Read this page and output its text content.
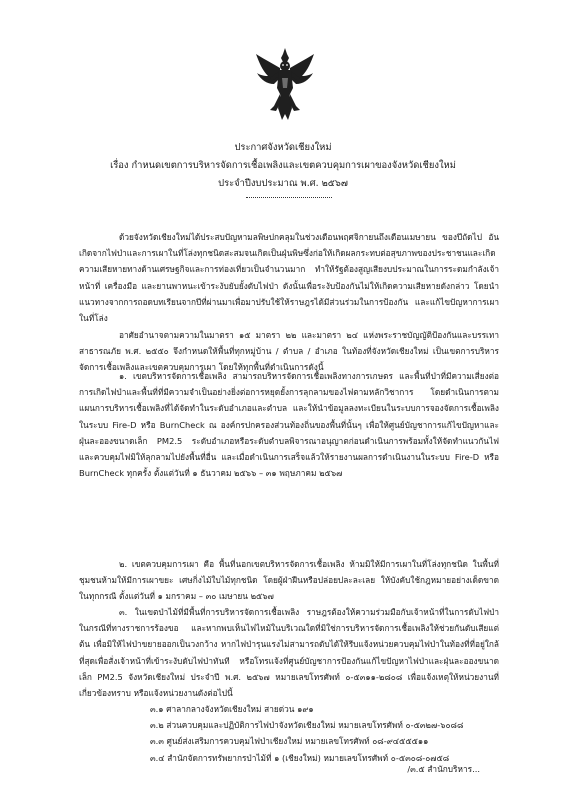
ประกาศจังหวัดเชียงใหม่
เรื่อง กำหนดเขตการบริหารจัดการเชื้อเพลิงและเขตควบคุมการเผาของจังหวัดเชียงใหม่
ประจำปีงบประมาณ พ.ศ. ๒๕๖๗

ด้วยจังหวัดเชียงใหม่ได้ประสบปัญหามลพิษปกคลุมในช่วงเดือนพฤศจิกายนถึงเดือนเมษายน ของปีถัดไป อันเกิดจากไฟป่าและการเผาในที่โล่งทุกชนิดสะสมจนเกิดเป็นฝุ่นพิษซึ่งก่อให้เกิดผลกระทบต่อสุขภาพของประชาชนและเกิดความเสียหายทางด้านเศรษฐกิจและการท่องเที่ยวเป็นจำนวนมาก ทำให้รัฐต้องสูญเสียงบประมาณในการระดมกำลังเจ้าหน้าที่ เครื่องมือ และยานพาหนะเข้าระงับยับยั้งดับไฟป่า ดังนั้นเพื่อระงับป้องกันไม่ให้เกิดความเสียหายดังกล่าว โดยนำแนวทางจากการถอดบทเรียนจากปีที่ผ่านมาเพื่อมาปรับใช้ให้ราษฎรได้มีส่วนร่วมในการป้องกัน และแก้ไขปัญหาการเผาในที่โล่ง

อาศัยอำนาจตามความในมาตรา ๑๕ มาตรา ๒๒ และมาตรา ๒๔ แห่งพระราชบัญญัติป้องกันและบรรเทาสาธารณภัย พ.ศ. ๒๕๕๐ จึงกำหนดให้พื้นที่ทุกหมู่บ้าน / ตำบล / อำเภอ ในท้องที่จังหวัดเชียงใหม่ เป็นเขตการบริหารจัดการเชื้อเพลิงและเขตควบคุมการเผา โดยให้ทุกพื้นที่ดำเนินการดังนี้

๑. เขตบริหารจัดการเชื้อเพลิง สามารถบริหารจัดการเชื้อเพลิงทางการเกษตร และพื้นที่ป่าที่มีความเสี่ยงต่อการเกิดไฟป่าและพื้นที่ที่มีความจำเป็นอย่างยิ่งต่อการหยุดยั้งการลุกลามของไฟตามหลักวิชาการ โดยดำเนินการตามแผนการบริหารเชื้อเพลิงที่ได้จัดทำในระดับอำเภอและตำบล และให้นำข้อมูลลงทะเบียนในระบบการจองจัดการเชื้อเพลิงในระบบ Fire-D หรือ BurnCheck ณ องค์กรปกครองส่วนท้องถิ่นของพื้นที่นั้นๆ เพื่อให้ศูนย์บัญชาการแก้ไขปัญหาและฝุ่นละอองขนาดเล็ก PM2.5 ระดับอำเภอหรือระดับตำบลพิจารณาอนุญาตก่อนดำเนินการพร้อมทั้งให้จัดทำแนวกันไฟและควบคุมไฟมิให้ลุกลามไปยังพื้นที่อื่น และเมื่อดำเนินการเสร็จแล้วให้รายงานผลการดำเนินงานในระบบ Fire-D หรือ BurnCheck ทุกครั้ง ตั้งแต่วันที่ ๑ ธันวาคม ๒๕๖๖ – ๓๑ พฤษภาคม ๒๕๖๗

๒. เขตควบคุมการเผา คือ พื้นที่นอกเขตบริหารจัดการเชื้อเพลิง ห้ามมิให้มีการเผาในที่โล่งทุกชนิด ในพื้นที่ชุมชนห้ามให้มีการเผาขยะ เศษกิ่งไม้ใบไม้ทุกชนิด โดยผู้ฝ่าฝืนหรือปล่อยปละละเลย ให้บังคับใช้กฎหมายอย่างเด็ดขาดในทุกกรณี ตั้งแต่วันที่ ๑ มกราคม – ๓๐ เมษายน ๒๕๖๗

๓. ในเขตป่าไม้ที่มีพื้นที่การบริหารจัดการเชื้อเพลิง ราษฎรต้องให้ความร่วมมือกับเจ้าหน้าที่ในการดับไฟป่า ในกรณีที่ทางราชการร้องขอ และหากพบเห็นไฟไหม้ในบริเวณใดที่มิใช่การบริหารจัดการเชื้อเพลิงให้ช่วยกันดับเสียแต่ต้น เพื่อมิให้ไฟป่าขยายออกเป็นวงกว้าง หากไฟป่ารุนแรงไม่สามารถดับได้ให้รีบแจ้งหน่วยควบคุมไฟป่าในท้องที่ที่อยู่ใกล้ที่สุดเพื่อสั่งเจ้าหน้าที่เข้าระงับดับไฟป่าทันที หรือโทรแจ้งที่ศูนย์บัญชาการป้องกันแก้ไขปัญหาไฟป่าและฝุ่นละอองขนาดเล็ก PM2.5 จังหวัดเชียงใหม่ ประจำปี พ.ศ. ๒๕๖๗ หมายเลขโทรศัพท์ ๐-๕๓๑๑-๒๘๐๘ เพื่อแจ้งเหตุให้หน่วยงานที่เกี่ยวข้องทราบ หรือแจ้งหน่วยงานดังต่อไปนี้

๓.๑ ศาลากลางจังหวัดเชียงใหม่ สายด่วน ๑๙๑

๓.๒ ส่วนควบคุมและปฏิบัติการไฟป่าจังหวัดเชียงใหม่ หมายเลขโทรศัพท์ ๐-๕๓๒๗-๖๐๘๘

๓.๓ ศูนย์ส่งเสริมการควบคุมไฟป่าเชียงใหม่ หมายเลขโทรศัพท์ ๐๘-๙๔๕๕๕๑๑

๓.๔ สำนักจัดการทรัพยากรป่าไม้ที่ ๑ (เชียงใหม่) หมายเลขโทรศัพท์ ๐-๕๓๐๘-๐๗๕๘

/๓.๕ สำนักบริหาร...
